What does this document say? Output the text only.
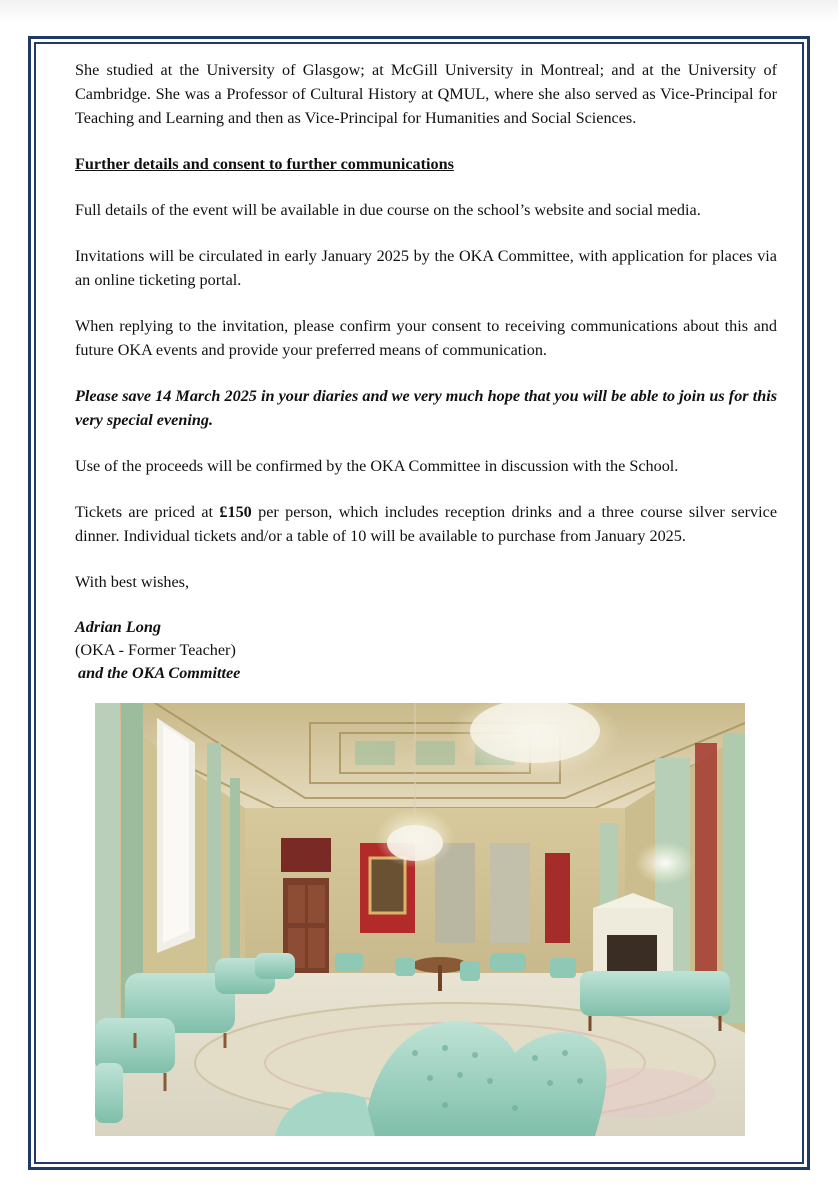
She studied at the University of Glasgow; at McGill University in Montreal; and at the University of Cambridge. She was a Professor of Cultural History at QMUL, where she also served as Vice-Principal for Teaching and Learning and then as Vice-Principal for Humanities and Social Sciences.

Further details and consent to further communications

Full details of the event will be available in due course on the school’s website and social media.

Invitations will be circulated in early January 2025 by the OKA Committee, with application for places via an online ticketing portal.

When replying to the invitation, please confirm your consent to receiving communications about this and future OKA events and provide your preferred means of communication.

Please save 14 March 2025 in your diaries and we very much hope that you will be able to join us for this very special evening.

Use of the proceeds will be confirmed by the OKA Committee in discussion with the School.

Tickets are priced at £150 per person, which includes reception drinks and a three course silver service dinner. Individual tickets and/or a table of 10 will be available to purchase from January 2025.

With best wishes,

Adrian Long
(OKA - Former Teacher)
and the OKA Committee
